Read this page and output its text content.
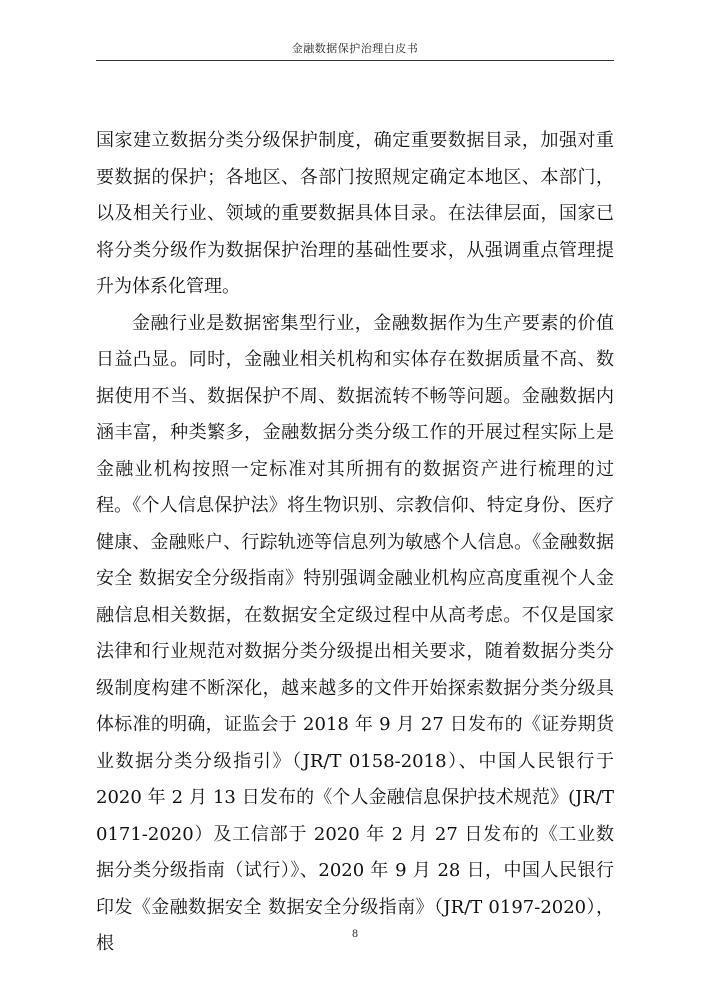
金融数据保护治理白皮书

国家建立数据分类分级保护制度，确定重要数据目录，加强对重要数据的保护；各地区、各部门按照规定确定本地区、本部门，以及相关行业、领域的重要数据具体目录。在法律层面，国家已将分类分级作为数据保护治理的基础性要求，从强调重点管理提升为体系化管理。

金融行业是数据密集型行业，金融数据作为生产要素的价值日益凸显。同时，金融业相关机构和实体存在数据质量不高、数据使用不当、数据保护不周、数据流转不畅等问题。金融数据内涵丰富，种类繁多，金融数据分类分级工作的开展过程实际上是金融业机构按照一定标准对其所拥有的数据资产进行梳理的过程。《个人信息保护法》将生物识别、宗教信仰、特定身份、医疗健康、金融账户、行踪轨迹等信息列为敏感个人信息。《金融数据安全 数据安全分级指南》特别强调金融业机构应高度重视个人金融信息相关数据，在数据安全定级过程中从高考虑。不仅是国家法律和行业规范对数据分类分级提出相关要求，随着数据分类分级制度构建不断深化，越来越多的文件开始探索数据分类分级具体标准的明确，证监会于 2018 年 9 月 27 日发布的《证券期货业数据分类分级指引》（JR/T 0158-2018）、中国人民银行于 2020 年 2 月 13 日发布的《个人金融信息保护技术规范》(JR/T 0171-2020）及工信部于 2020 年 2 月 27 日发布的《工业数据分类分级指南（试行）》、2020 年 9 月 28 日，中国人民银行印发《金融数据安全 数据安全分级指南》（JR/T 0197-2020），根	8
